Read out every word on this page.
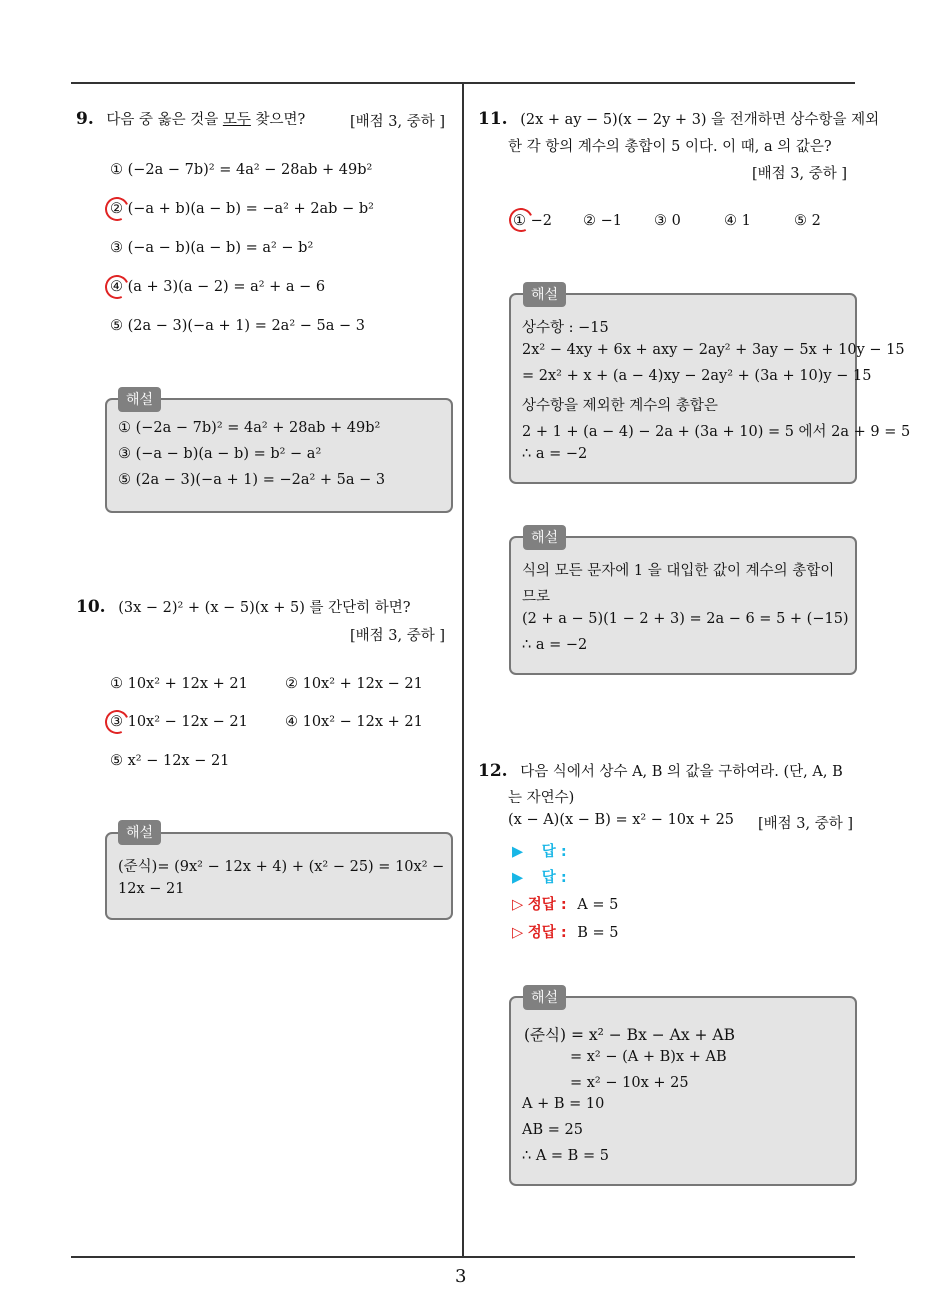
3
9. 다음 중 옳은 것을 모두 찾으면?	[배점 3, 중하 ]
① (−2a − 7b)² = 4a² − 28ab + 49b²
② (−a + b)(a − b) = −a² + 2ab − b²
③ (−a − b)(a − b) = a² − b²
④ (a + 3)(a − 2) = a² + a − 6
⑤ (2a − 3)(−a + 1) = 2a² − 5a − 3
해설
① (−2a − 7b)² = 4a² + 28ab + 49b²
③ (−a − b)(a − b) = b² − a²
⑤ (2a − 3)(−a + 1) = −2a² + 5a − 3
10. (3x − 2)² + (x − 5)(x + 5) 를 간단히 하면?
[배점 3, 중하 ]
① 10x² + 12x + 21	② 10x² + 12x − 21
③ 10x² − 12x − 21	④ 10x² − 12x + 21
⑤ x² − 12x − 21
해설
(준식)= (9x² − 12x + 4) + (x² − 25) = 10x² −
12x − 21
11. (2x + ay − 5)(x − 2y + 3) 을 전개하면 상수항을 제외
한 각 항의 계수의 총합이 5 이다. 이 때, a 의 값은?
[배점 3, 중하 ]
① −2 ② −1 ③ 0	④ 1	⑤ 2
해설
상수항 : −15
2x² − 4xy + 6x + axy − 2ay² + 3ay − 5x + 10y − 15
= 2x² + x + (a − 4)xy − 2ay² + (3a + 10)y − 15
상수항을 제외한 계수의 총합은
2 + 1 + (a − 4) − 2a + (3a + 10) = 5 에서 2a + 9 = 5
∴ a = −2
해설
식의 모든 문자에 1 을 대입한 값이 계수의 총합이
므로
(2 + a − 5)(1 − 2 + 3) = 2a − 6 = 5 + (−15)
∴ a = −2
12. 다음 식에서 상수 A, B 의 값을 구하여라. (단, A, B
는 자연수)
(x − A)(x − B) = x² − 10x + 25 [배점 3, 중하 ]
▶ 답 :
▶ 답 :
▷ 정답 : A = 5
▷ 정답 : B = 5
해설
(준식) = x² − Bx − Ax + AB
= x² − (A + B)x + AB
= x² − 10x + 25
A + B = 10
AB = 25
∴ A = B = 5
